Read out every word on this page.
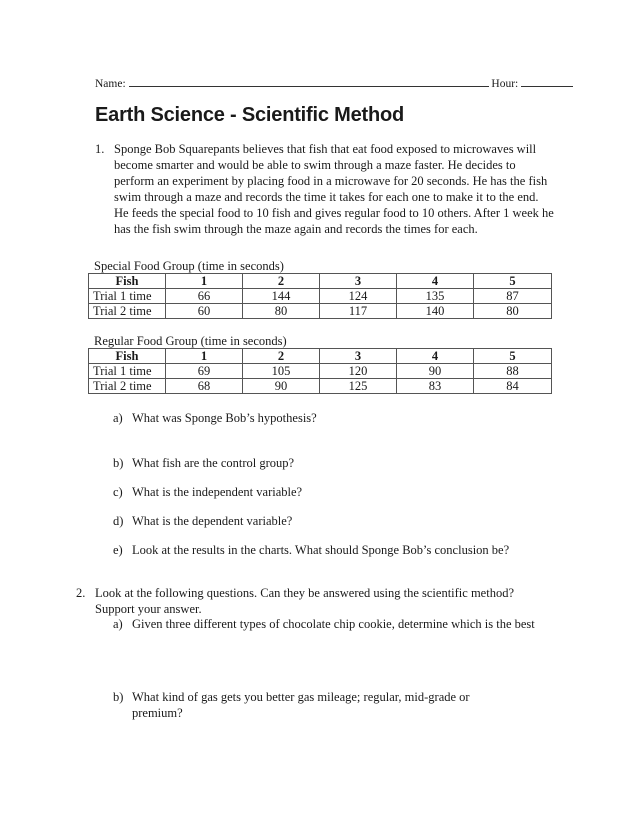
Name:	Hour:
Earth Science - Scientific Method
1. Sponge Bob Squarepants believes that fish that eat food exposed to microwaves will become smarter and would be able to swim through a maze faster. He decides to perform an experiment by placing food in a microwave for 20 seconds. He has the fish swim through a maze and records the time it takes for each one to make it to the end. He feeds the special food to 10 fish and gives regular food to 10 others. After 1 week he has the fish swim through the maze again and records the times for each.
Special Food Group (time in seconds)
Fish	1	2	3	4	5
Trial 1 time	66	144	124	135	87
Trial 2 time	60	80	117	140	80
Regular Food Group (time in seconds)
Fish	1	2	3	4	5
Trial 1 time	69	105	120	90	88
Trial 2 time	68	90	125	83	84
a) What was Sponge Bob’s hypothesis?
b) What fish are the control group?
c) What is the independent variable?
d) What is the dependent variable?
e) Look at the results in the charts. What should Sponge Bob’s conclusion be?
2. Look at the following questions. Can they be answered using the scientific method? Support your answer.
a) Given three different types of chocolate chip cookie, determine which is the best
b) What kind of gas gets you better gas mileage; regular, mid-grade or premium?
